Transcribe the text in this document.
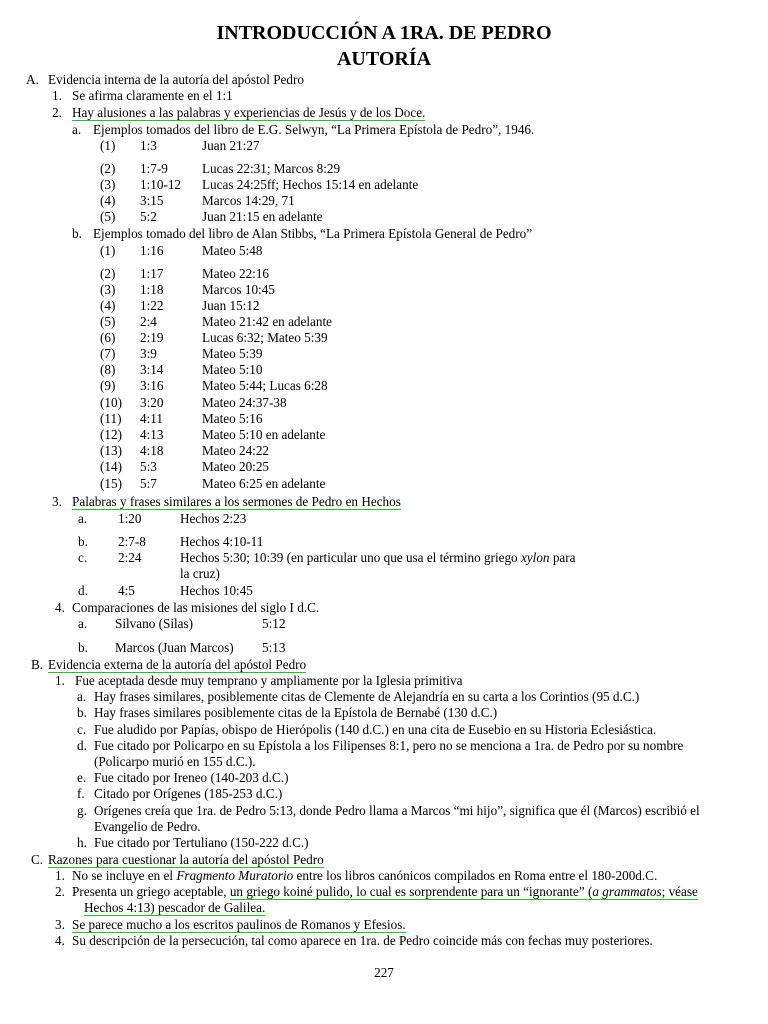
INTRODUCCIÓN A 1RA. DE PEDRO
AUTORÍA
A. Evidencia interna de la autoría del apóstol Pedro
1. Se afirma claramente en el 1:1
2. Hay alusiones a las palabras y experiencias de Jesús y de los Doce.
a. Ejemplos tomados del libro de E.G. Selwyn, “La Primera Epístola de Pedro”, 1946.
(1) 1:3	Juan 21:27
(2) 1:7-9	Lucas 22:31; Marcos 8:29
(3) 1:10-12 Lucas 24:25ff; Hechos 15:14 en adelante
(4) 3:15	Marcos 14:29, 71
(5) 5:2	Juan 21:15 en adelante
b. Ejemplos tomado del libro de Alan Stibbs, “La Primera Epístola General de Pedro”
(1) 1:16	Mateo 5:48
(2) 1:17	Mateo 22:16
(3) 1:18	Marcos 10:45
(4) 1:22	Juan 15:12
(5) 2:4	Mateo 21:42 en adelante
(6) 2:19	Lucas 6:32; Mateo 5:39
(7) 3:9	Mateo 5:39
(8) 3:14	Mateo 5:10
(9) 3:16	Mateo 5:44; Lucas 6:28
(10) 3:20	Mateo 24:37-38
(11) 4:11	Mateo 5:16
(12) 4:13	Mateo 5:10 en adelante
(13) 4:18	Mateo 24:22
(14) 5:3	Mateo 20:25
(15) 5:7	Mateo 6:25 en adelante
3. Palabras y frases similares a los sermones de Pedro en Hechos
a. 1:20	Hechos 2:23
b. 2:7-8	Hechos 4:10-11
c. 2:24	Hechos 5:30; 10:39 (en particular uno que usa el término griego xylon para
la cruz)
d. 4:5	Hechos 10:45
4. Comparaciones de las misiones del siglo I d.C.
a. Silvano (Silas)	5:12
b. Marcos (Juan Marcos) 5:13
B. Evidencia externa de la autoría del apóstol Pedro
1. Fue aceptada desde muy temprano y ampliamente por la Iglesia primitiva
a. Hay frases similares, posiblemente citas de Clemente de Alejandría en su carta a los Corintios (95 d.C.)
b. Hay frases similares posiblemente citas de la Epístola de Bernabé (130 d.C.)
c. Fue aludido por Papías, obispo de Hierópolis (140 d.C.) en una cita de Eusebio en su Historia Eclesiástica.
d. Fue citado por Policarpo en su Epístola a los Filipenses 8:1, pero no se menciona a 1ra. de Pedro por su nombre
(Policarpo murió en 155 d.C.).
e. Fue citado por Ireneo (140-203 d.C.)
f. Citado por Orígenes (185-253 d.C.)
g. Orígenes creía que 1ra. de Pedro 5:13, donde Pedro llama a Marcos “mi hijo”, significa que él (Marcos) escribió el
Evangelio de Pedro.
h. Fue citado por Tertuliano (150-222 d.C.)
C. Razones para cuestionar la autoría del apóstol Pedro
1. No se incluye en el Fragmento Muratorio entre los libros canónicos compilados en Roma entre el 180-200d.C.
2. Presenta un griego aceptable, un griego koiné pulido, lo cual es sorprendente para un “ignorante” (a grammatos; véase
Hechos 4:13) pescador de Galilea.
3. Se parece mucho a los escritos paulinos de Romanos y Efesios.
4. Su descripción de la persecución, tal como aparece en 1ra. de Pedro coincide más con fechas muy posteriores.
227
